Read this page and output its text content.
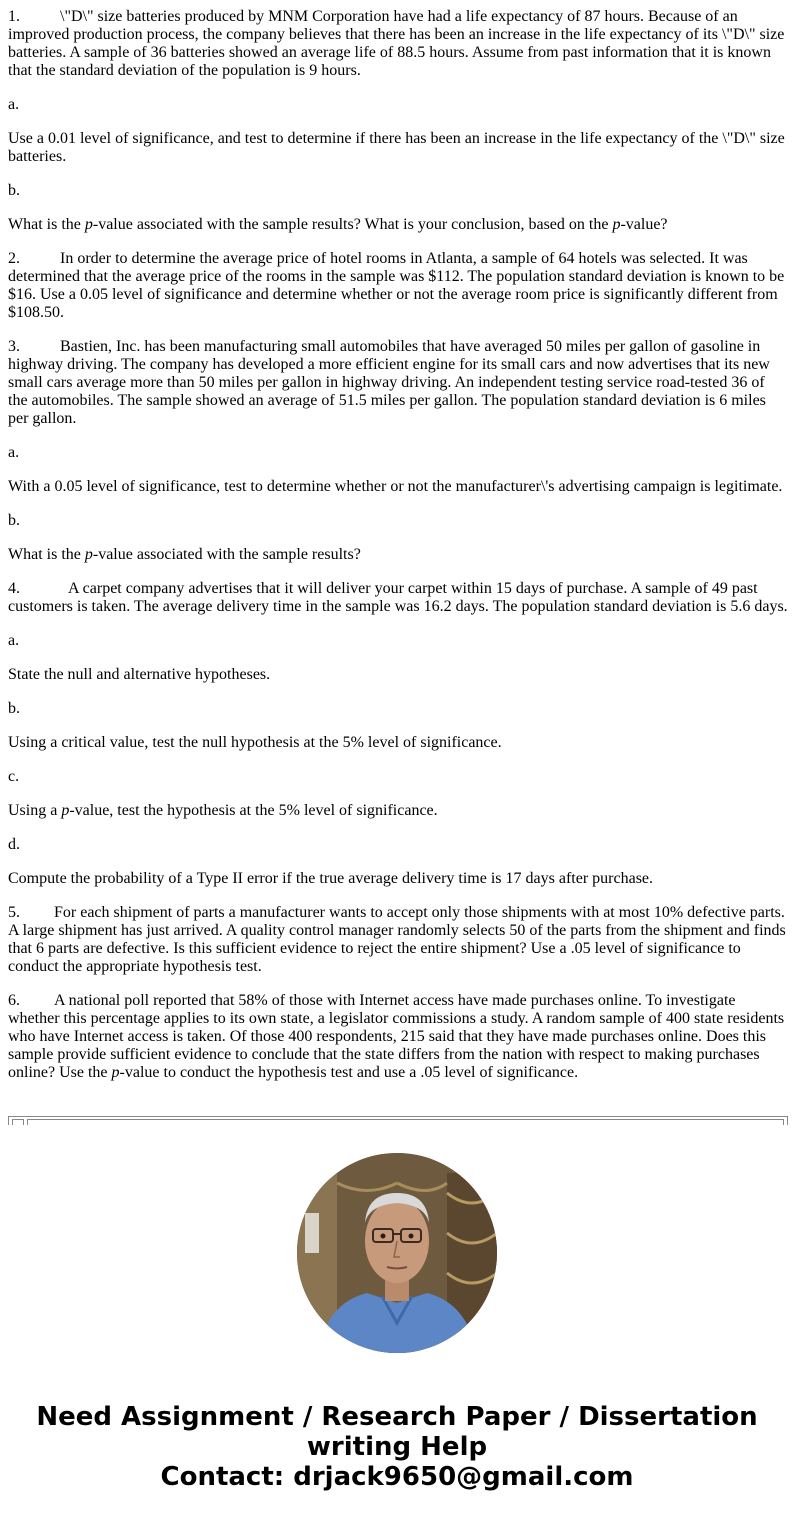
1.	\"D\" size batteries produced by MNM Corporation have had a life expectancy of 87 hours. Because of an improved production process, the company believes that there has been an increase in the life expectancy of its \"D\" size batteries. A sample of 36 batteries showed an average life of 88.5 hours. Assume from past information that it is known that the standard deviation of the population is 9 hours.

a.

Use a 0.01 level of significance, and test to determine if there has been an increase in the life expectancy of the \"D\" size batteries.

b.

What is the p-value associated with the sample results? What is your conclusion, based on the p-value?

2.	In order to determine the average price of hotel rooms in Atlanta, a sample of 64 hotels was selected. It was determined that the average price of the rooms in the sample was $112. The population standard deviation is known to be $16. Use a 0.05 level of significance and determine whether or not the average room price is significantly different from $108.50.

3.	Bastien, Inc. has been manufacturing small automobiles that have averaged 50 miles per gallon of gasoline in highway driving. The company has developed a more efficient engine for its small cars and now advertises that its new small cars average more than 50 miles per gallon in highway driving. An independent testing service road-tested 36 of the automobiles. The sample showed an average of 51.5 miles per gallon. The population standard deviation is 6 miles per gallon.

a.

With a 0.05 level of significance, test to determine whether or not the manufacturer\'s advertising campaign is legitimate.

b.

What is the p-value associated with the sample results?

4.	A carpet company advertises that it will deliver your carpet within 15 days of purchase. A sample of 49 past customers is taken. The average delivery time in the sample was 16.2 days. The population standard deviation is 5.6 days.

a.

State the null and alternative hypotheses.

b.

Using a critical value, test the null hypothesis at the 5% level of significance.

c.

Using a p-value, test the hypothesis at the 5% level of significance.

d.

Compute the probability of a Type II error if the true average delivery time is 17 days after purchase.

5. For each shipment of parts a manufacturer wants to accept only those shipments with at most 10% defective parts. A large shipment has just arrived. A quality control manager randomly selects 50 of the parts from the shipment and finds that 6 parts are defective. Is this sufficient evidence to reject the entire shipment? Use a .05 level of significance to conduct the appropriate hypothesis test.

6. A national poll reported that 58% of those with Internet access have made purchases online. To investigate whether this percentage applies to its own state, a legislator commissions a study. A random sample of 400 state residents who have Internet access is taken. Of those 400 respondents, 215 said that they have made purchases online. Does this sample provide sufficient evidence to conclude that the state differs from the nation with respect to making purchases online? Use the p-value to conduct the hypothesis test and use a .05 level of significance.

Need Assignment / Research Paper / Dissertation
writing Help
Contact: drjack9650@gmail.com
